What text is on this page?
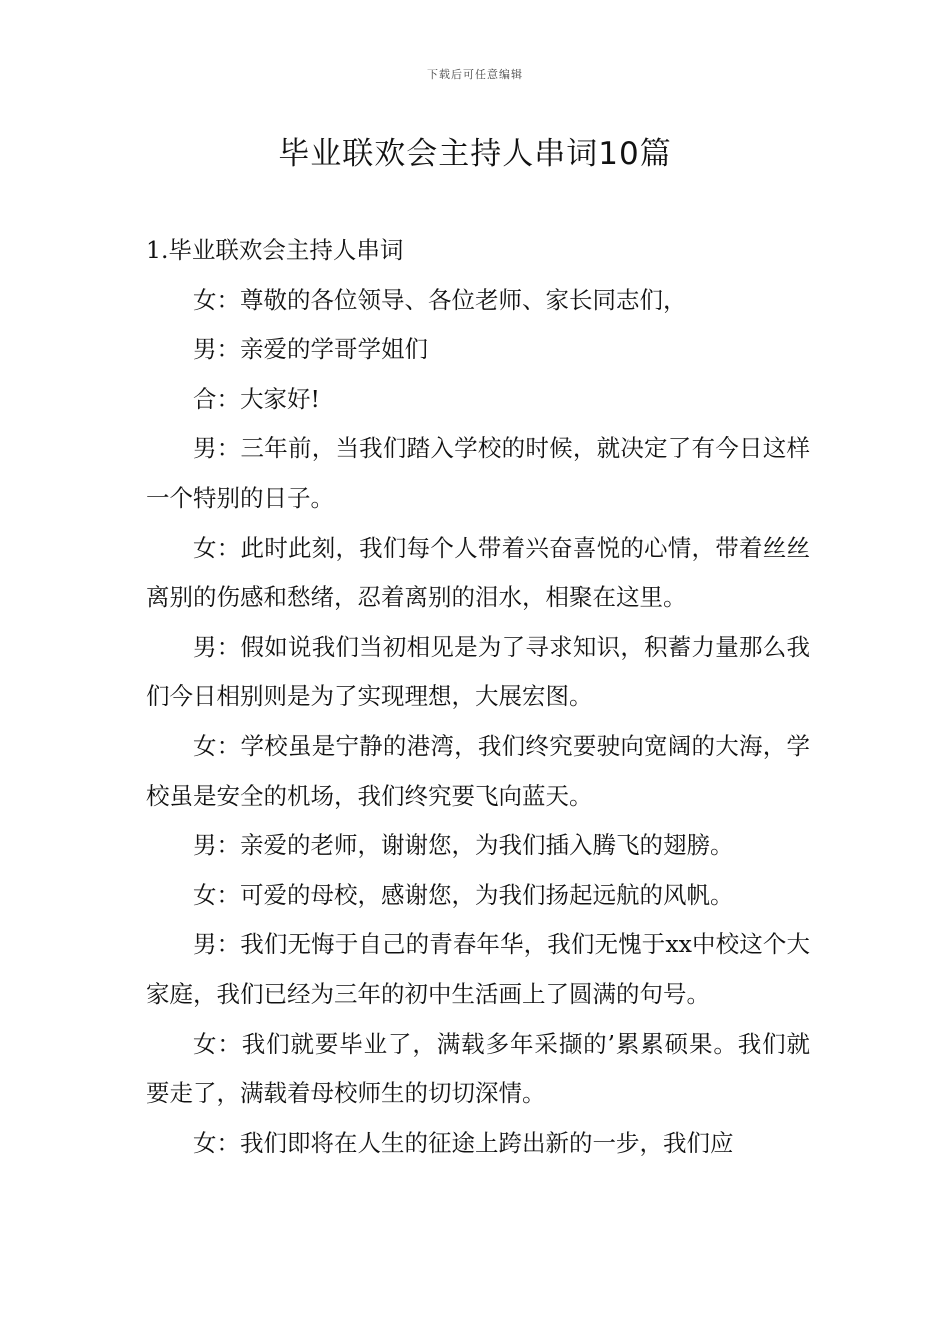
下载后可任意编辑
毕业联欢会主持人串词10篇

1.毕业联欢会主持人串词

女：尊敬的各位领导、各位老师、家长同志们，

男：亲爱的学哥学姐们

合：大家好!

男：三年前，当我们踏入学校的时候，就决定了有今日这样一个特别的日子。

女：此时此刻，我们每个人带着兴奋喜悦的心情，带着丝丝离别的伤感和愁绪，忍着离别的泪水，相聚在这里。

男：假如说我们当初相见是为了寻求知识，积蓄力量那么我们今日相别则是为了实现理想，大展宏图。

女：学校虽是宁静的港湾，我们终究要驶向宽阔的大海，学校虽是安全的机场，我们终究要飞向蓝天。

男：亲爱的老师，谢谢您，为我们插入腾飞的翅膀。

女：可爱的母校，感谢您，为我们扬起远航的风帆。

男：我们无悔于自己的青春年华，我们无愧于xx中校这个大家庭，我们已经为三年的初中生活画上了圆满的句号。

女：我们就要毕业了，满载多年采撷的’累累硕果。我们就要走了，满载着母校师生的切切深情。

女：我们即将在人生的征途上跨出新的一步，我们应
